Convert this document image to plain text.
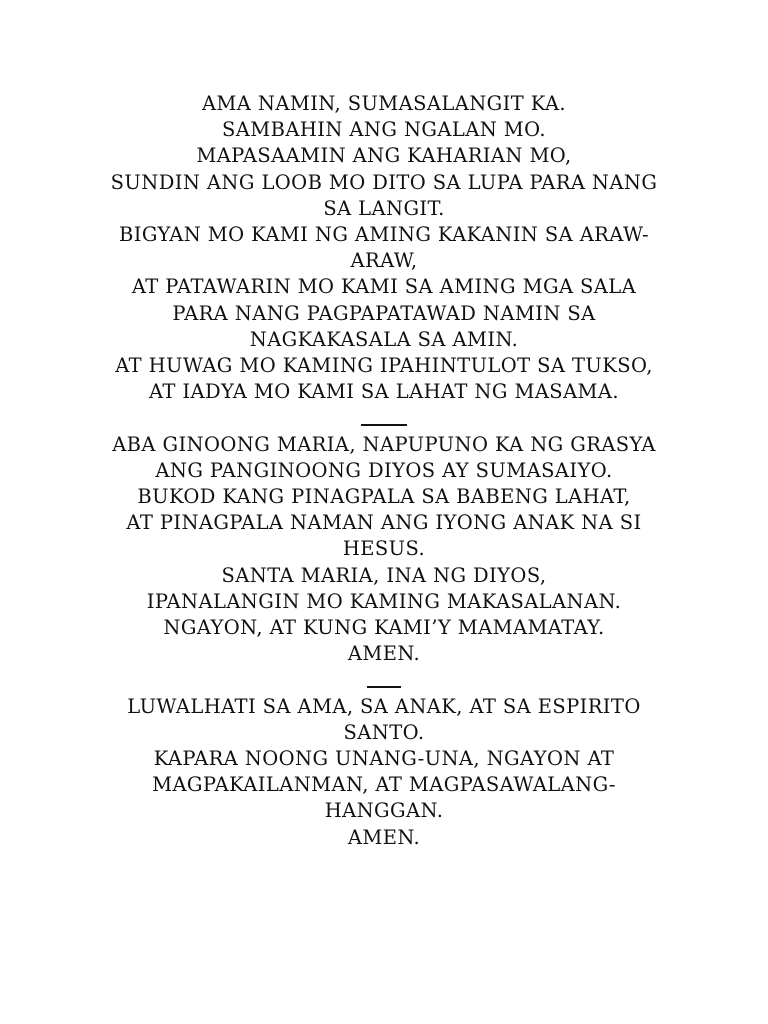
AMA NAMIN, SUMASALANGIT KA.
SAMBAHIN ANG NGALAN MO.
MAPASAAMIN ANG KAHARIAN MO,
SUNDIN ANG LOOB MO DITO SA LUPA PARA NANG
SA LANGIT.
BIGYAN MO KAMI NG AMING KAKANIN SA ARAW-
ARAW,
AT PATAWARIN MO KAMI SA AMING MGA SALA
PARA NANG PAGPAPATAWAD NAMIN SA
NAGKAKASALA SA AMIN.
AT HUWAG MO KAMING IPAHINTULOT SA TUKSO,
AT IADYA MO KAMI SA LAHAT NG MASAMA.
ABA GINOONG MARIA, NAPUPUNO KA NG GRASYA
ANG PANGINOONG DIYOS AY SUMASAIYO.
BUKOD KANG PINAGPALA SA BABENG LAHAT,
AT PINAGPALA NAMAN ANG IYONG ANAK NA SI
HESUS.
SANTA MARIA, INA NG DIYOS,
IPANALANGIN MO KAMING MAKASALANAN.
NGAYON, AT KUNG KAMI’Y MAMAMATAY.
AMEN.
LUWALHATI SA AMA, SA ANAK, AT SA ESPIRITO
SANTO.
KAPARA NOONG UNANG-UNA, NGAYON AT
MAGPAKAILANMAN, AT MAGPASAWALANG-
HANGGAN.
AMEN.
